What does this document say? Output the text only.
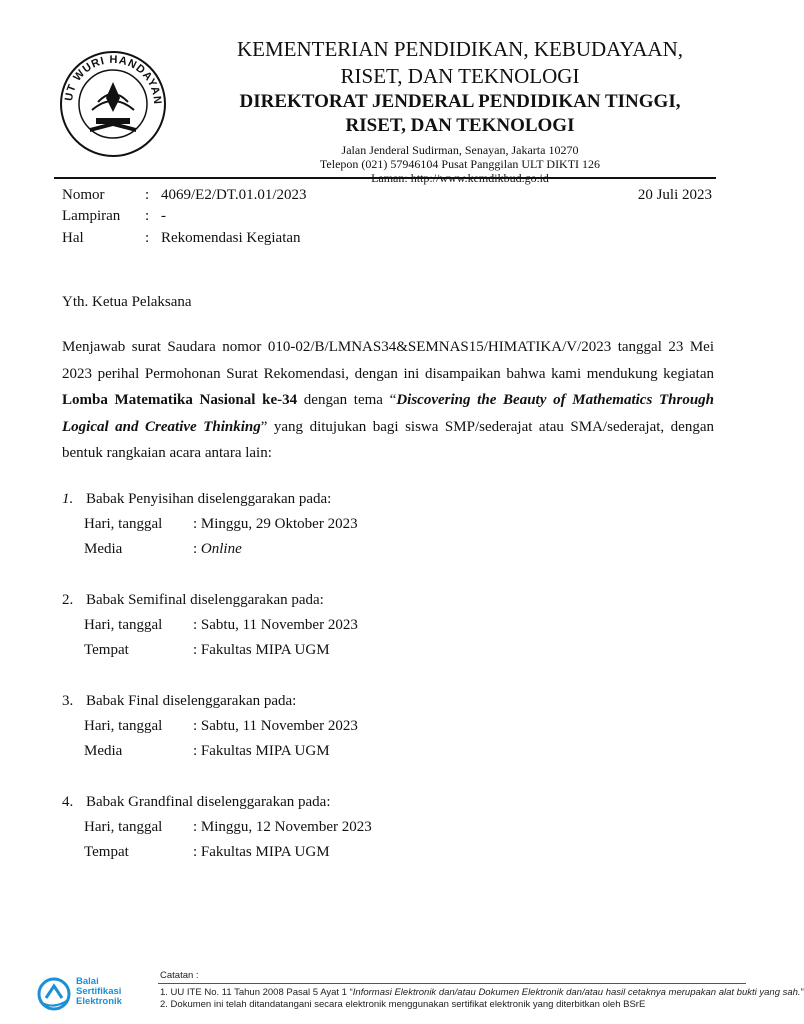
UT WURI HANDAYAN
KEMENTERIAN PENDIDIKAN, KEBUDAYAAN,
RISET, DAN TEKNOLOGI
DIREKTORAT JENDERAL PENDIDIKAN TINGGI,
RISET, DAN TEKNOLOGI
Jalan Jenderal Sudirman, Senayan, Jakarta 10270
Telepon (021) 57946104 Pusat Panggilan ULT DIKTI 126
Nomor	: 4069/E2/DT.01.01/2023
Lampiran : -
Hal	: Rekomendasi Kegiatan
20 Juli 2023
Yth. Ketua Pelaksana
Menjawab surat Saudara nomor 010-02/B/LMNAS34&SEMNAS15/HIMATIKA/V/2023 tanggal 23 Mei 2023 perihal Permohonan Surat Rekomendasi, dengan ini disampaikan bahwa kami mendukung kegiatan Lomba Matematika Nasional ke-34 dengan tema “Discovering the Beauty of Mathematics Through Logical and Creative Thinking” yang ditujukan bagi siswa SMP/sederajat atau SMA/sederajat, dengan bentuk rangkaian acara antara lain:
1. Babak Penyisihan diselenggarakan pada:
Hari, tanggal : Minggu, 29 Oktober 2023
Media	: Online
2. Babak Semifinal diselenggarakan pada:
Hari, tanggal : Sabtu, 11 November 2023
Tempat	: Fakultas MIPA UGM
3. Babak Final diselenggarakan pada:
Hari, tanggal : Sabtu, 11 November 2023
Media	: Fakultas MIPA UGM
4. Babak Grandfinal diselenggarakan pada:
Hari, tanggal : Minggu, 12 November 2023
Tempat	: Fakultas MIPA UGM
Balai
Sertifikasi
Elektronik
Catatan :
1. UU ITE No. 11 Tahun 2008 Pasal 5 Ayat 1 “Informasi Elektronik dan/atau Dokumen Elektronik dan/atau hasil cetaknya merupakan alat bukti yang sah.”
2. Dokumen ini telah ditandatangani secara elektronik menggunakan sertifikat elektronik yang diterbitkan oleh BSrE
